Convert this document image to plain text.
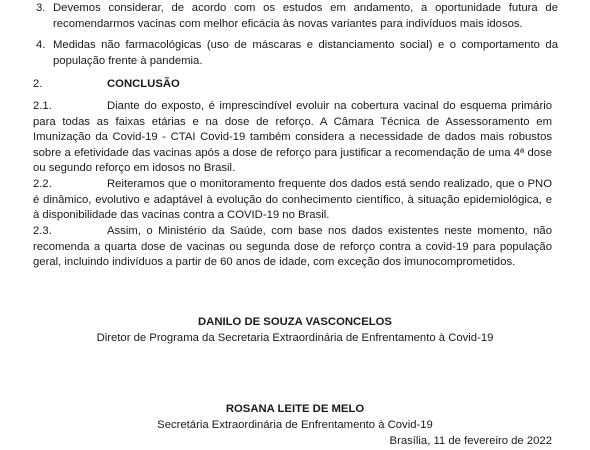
3. Devemos considerar, de acordo com os estudos em andamento, a oportunidade futura de recomendarmos vacinas com melhor eficácia às novas variantes para indivíduos mais idosos.
4. Medidas não farmacológicas (uso de máscaras e distanciamento social) e o comportamento da população frente à pandemia.
2.	CONCLUSÃO
2.1.	Diante do exposto, é imprescindível evoluir na cobertura vacinal do esquema primário para todas as faixas etárias e na dose de reforço. A Câmara Técnica de Assessoramento em Imunização da Covid-19 - CTAI Covid-19 também considera a necessidade de dados mais robustos sobre a efetividade das vacinas após a dose de reforço para justificar a recomendação de uma 4ª dose ou segundo reforço em idosos no Brasil.
2.2.	Reiteramos que o monitoramento frequente dos dados está sendo realizado, que o PNO é dinâmico, evolutivo e adaptável à evolução do conhecimento científico, à situação epidemiológica, e à disponibilidade das vacinas contra a COVID-19 no Brasil.
2.3.	Assim, o Ministério da Saúde, com base nos dados existentes neste momento, não recomenda a quarta dose de vacinas ou segunda dose de reforço contra a covid-19 para população geral, incluindo indivíduos a partir de 60 anos de idade, com exceção dos imunocomprometidos.
DANILO DE SOUZA VASCONCELOS
Diretor de Programa da Secretaria Extraordinária de Enfrentamento à Covid-19
ROSANA LEITE DE MELO
Secretária Extraordinária de Enfrentamento à Covid-19
Brasília, 11 de fevereiro de 2022
